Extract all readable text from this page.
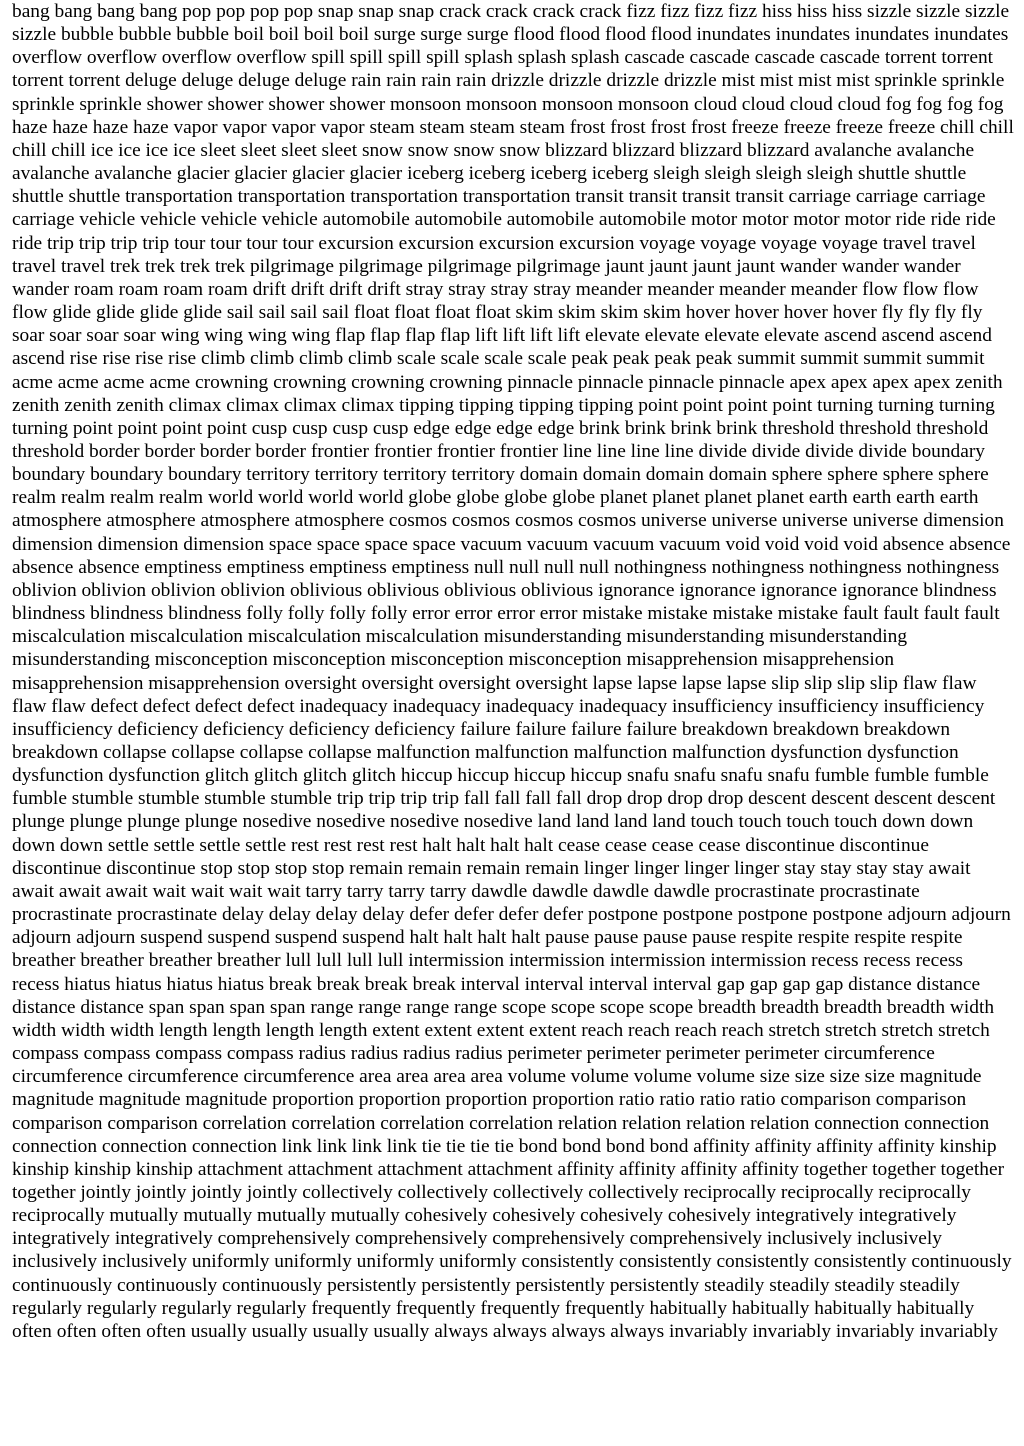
bang bang bang bang pop pop pop pop snap snap snap crack crack crack crack fizz fizz fizz fizz hiss hiss hiss sizzle sizzle sizzle sizzle bubble bubble bubble boil boil boil boil surge surge surge flood flood flood flood inundates inundates inundates inundates overflow overflow overflow overflow spill spill spill spill splash splash splash cascade cascade cascade cascade torrent torrent torrent torrent deluge deluge deluge deluge rain rain rain rain drizzle drizzle drizzle drizzle mist mist mist mist sprinkle sprinkle sprinkle sprinkle shower shower shower shower monsoon monsoon monsoon monsoon cloud cloud cloud cloud fog fog fog fog haze haze haze haze vapor vapor vapor vapor steam steam steam steam frost frost frost frost freeze freeze freeze freeze chill chill chill chill ice ice ice ice sleet sleet sleet sleet snow snow snow snow blizzard blizzard blizzard blizzard avalanche avalanche avalanche avalanche glacier glacier glacier glacier iceberg iceberg iceberg iceberg sleigh sleigh sleigh sleigh shuttle shuttle shuttle shuttle transportation transportation transportation transportation transit transit transit transit carriage carriage carriage carriage vehicle vehicle vehicle vehicle automobile automobile automobile automobile motor motor motor motor ride ride ride ride trip trip trip trip tour tour tour tour excursion excursion excursion excursion voyage voyage voyage voyage travel travel travel travel trek trek trek trek pilgrimage pilgrimage pilgrimage pilgrimage jaunt jaunt jaunt jaunt wander wander wander wander roam roam roam roam drift drift drift drift stray stray stray stray meander meander meander meander flow flow flow flow glide glide glide glide sail sail sail sail float float float float skim skim skim skim hover hover hover hover fly fly fly fly soar soar soar soar wing wing wing wing flap flap flap flap lift lift lift lift elevate elevate elevate elevate ascend ascend ascend ascend rise rise rise rise climb climb climb climb scale scale scale scale peak peak peak peak summit summit summit summit acme acme acme acme crowning crowning crowning crowning pinnacle pinnacle pinnacle pinnacle apex apex apex apex zenith zenith zenith zenith climax climax climax climax tipping tipping tipping tipping point point point point turning turning turning turning point point point point cusp cusp cusp cusp edge edge edge edge brink brink brink brink threshold threshold threshold threshold border border border border frontier frontier frontier frontier line line line line divide divide divide divide boundary boundary boundary boundary territory territory territory territory domain domain domain domain sphere sphere sphere sphere realm realm realm realm world world world world globe globe globe globe planet planet planet planet earth earth earth earth atmosphere atmosphere atmosphere atmosphere cosmos cosmos cosmos cosmos universe universe universe universe dimension dimension dimension dimension space space space space vacuum vacuum vacuum vacuum void void void void absence absence absence absence emptiness emptiness emptiness emptiness null null null null nothingness nothingness nothingness nothingness oblivion oblivion oblivion oblivion oblivious oblivious oblivious oblivious ignorance ignorance ignorance ignorance blindness blindness blindness blindness folly folly folly folly error error error error mistake mistake mistake mistake fault fault fault fault miscalculation miscalculation miscalculation miscalculation misunderstanding misunderstanding misunderstanding misunderstanding misconception misconception misconception misconception misapprehension misapprehension misapprehension misapprehension oversight oversight oversight oversight lapse lapse lapse lapse slip slip slip slip flaw flaw flaw flaw defect defect defect defect inadequacy inadequacy inadequacy inadequacy insufficiency insufficiency insufficiency insufficiency deficiency deficiency deficiency deficiency failure failure failure failure breakdown breakdown breakdown breakdown collapse collapse collapse collapse malfunction malfunction malfunction malfunction dysfunction dysfunction dysfunction dysfunction glitch glitch glitch glitch hiccup hiccup hiccup hiccup snafu snafu snafu snafu fumble fumble fumble fumble stumble stumble stumble stumble trip trip trip trip fall fall fall fall drop drop drop drop descent descent descent descent plunge plunge plunge plunge nosedive nosedive nosedive nosedive land land land land touch touch touch touch down down down down settle settle settle settle rest rest rest rest halt halt halt halt cease cease cease cease discontinue discontinue discontinue discontinue stop stop stop stop remain remain remain remain linger linger linger linger stay stay stay stay await await await await wait wait wait wait tarry tarry tarry tarry dawdle dawdle dawdle dawdle procrastinate procrastinate procrastinate procrastinate delay delay delay delay defer defer defer defer postpone postpone postpone postpone adjourn adjourn adjourn adjourn suspend suspend suspend suspend halt halt halt halt pause pause pause pause respite respite respite respite breather breather breather breather lull lull lull lull intermission intermission intermission intermission recess recess recess recess hiatus hiatus hiatus hiatus break break break break interval interval interval interval gap gap gap gap distance distance distance distance span span span span range range range range scope scope scope scope breadth breadth breadth breadth width width width width length length length length extent extent extent extent reach reach reach reach stretch stretch stretch stretch compass compass compass compass radius radius radius radius perimeter perimeter perimeter perimeter circumference circumference circumference circumference area area area area volume volume volume volume size size size size magnitude magnitude magnitude magnitude proportion proportion proportion proportion ratio ratio ratio ratio comparison comparison comparison comparison correlation correlation correlation correlation relation relation relation relation connection connection connection connection connection link link link link tie tie tie tie bond bond bond bond affinity affinity affinity affinity kinship kinship kinship kinship attachment attachment attachment attachment affinity affinity affinity affinity together together together together jointly jointly jointly jointly collectively collectively collectively collectively reciprocally reciprocally reciprocally reciprocally mutually mutually mutually mutually cohesively cohesively cohesively cohesively integratively integratively integratively integratively comprehensively comprehensively comprehensively comprehensively inclusively inclusively inclusively inclusively uniformly uniformly uniformly uniformly consistently consistently consistently consistently continuously continuously continuously continuously persistently persistently persistently persistently steadily steadily steadily steadily regularly regularly regularly regularly frequently frequently frequently frequently habitually habitually habitually habitually often often often often usually usually usually usually always always always always invariably invariably invariably invariably
